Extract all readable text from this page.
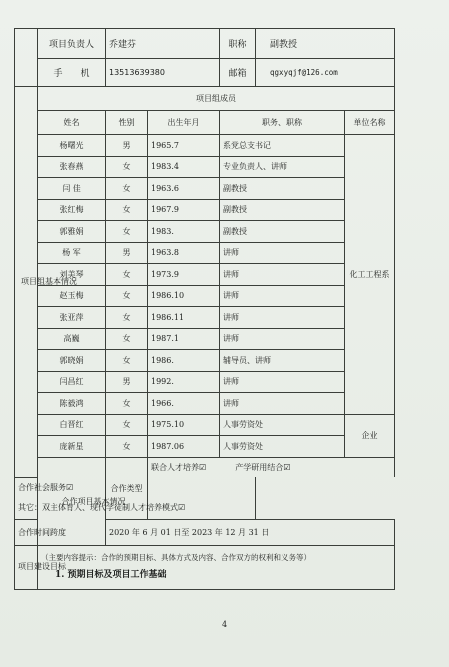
	项目负责人	乔建芬		职称	副教授	
	手　　机	13513639380		邮箱	qgxyqjf@126.com	
项目组基本情况	项目组成员					
	姓名	性别	出生年月	职务、职称		单位名称
	杨曙光	男	1965.7	系党总支书记		化工工程系
	张春燕	女	1983.4	专业负责人、讲师		
	闫 佳	女	1963.6	副教授		
	张红梅	女	1967.9	副教授		
	郭雅娟	女	1983.	副教授		
	杨 军	男	1963.8	讲师		
	刘美琴	女	1973.9	讲师		
	赵玉梅	女	1986.10	讲师		
	张亚萍	女	1986.11	讲师		
	高巍	女	1987.1	讲师		
	郭晓娟	女	1986.	辅导员、讲师		
	闫昌红	男	1992.	讲师		
	陈毅鸿	女	1966.	讲师		
	白晋红	女	1975.10	人事劳资处		企业
	庞新星	女	1987.06	人事劳资处		
	合作项目基本情况	合作类型	联合人才培养☑ 产学研用结合☑			
合作社会服务☑						
其它：双主体育人、现代学徒制人才培养模式☑						
合作时间跨度		2020 年 6 月 01 日至 2023 年 12 月 31 日				
项目建设目标	（主要内容提示：合作的预期目标、具体方式及内容、合作双方的权利和义务等）
1. 预期目标及项目工作基础					
4
